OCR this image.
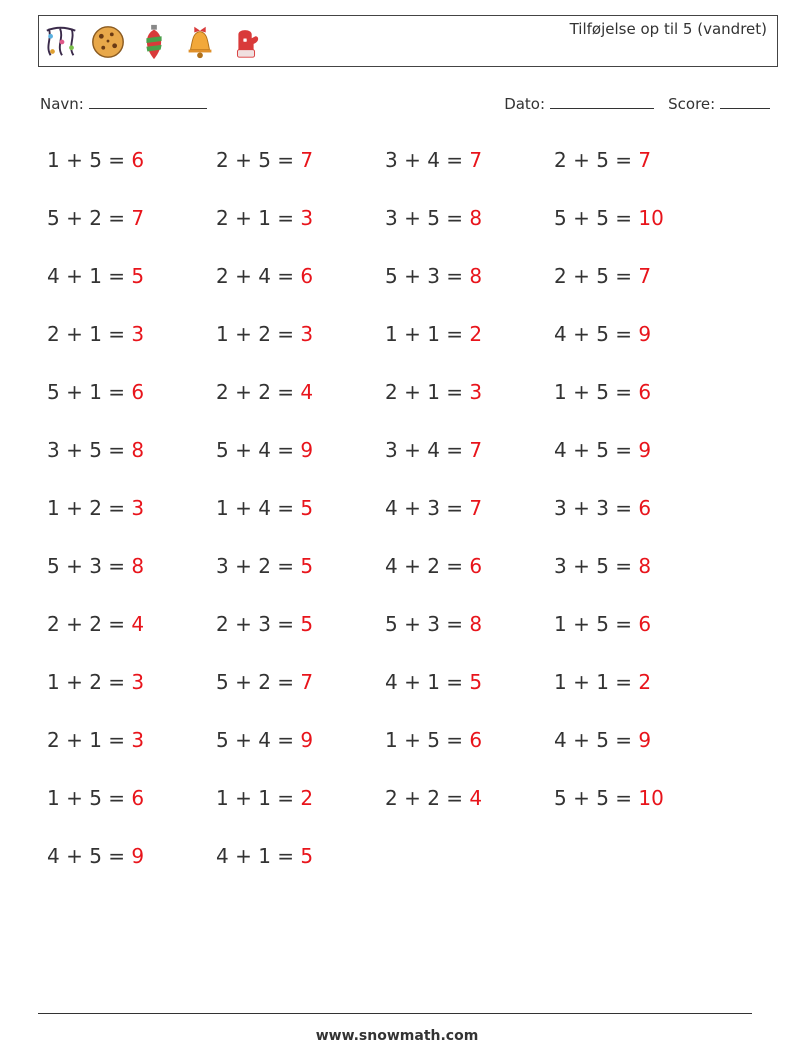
Tilføjelse op til 5 (vandret)
Navn:	Dato:	Score:
1 + 5 = 6	2 + 5 = 7	3 + 4 = 7	2 + 5 = 7
5 + 2 = 7	2 + 1 = 3	3 + 5 = 8	5 + 5 = 10
4 + 1 = 5	2 + 4 = 6	5 + 3 = 8	2 + 5 = 7
2 + 1 = 3	1 + 2 = 3	1 + 1 = 2	4 + 5 = 9
5 + 1 = 6	2 + 2 = 4	2 + 1 = 3	1 + 5 = 6
3 + 5 = 8	5 + 4 = 9	3 + 4 = 7	4 + 5 = 9
1 + 2 = 3	1 + 4 = 5	4 + 3 = 7	3 + 3 = 6
5 + 3 = 8	3 + 2 = 5	4 + 2 = 6	3 + 5 = 8
2 + 2 = 4	2 + 3 = 5	5 + 3 = 8	1 + 5 = 6
1 + 2 = 3	5 + 2 = 7	4 + 1 = 5	1 + 1 = 2
2 + 1 = 3	5 + 4 = 9	1 + 5 = 6	4 + 5 = 9
1 + 5 = 6	1 + 1 = 2	2 + 2 = 4	5 + 5 = 10
4 + 5 = 9	4 + 1 = 5
www.snowmath.com
